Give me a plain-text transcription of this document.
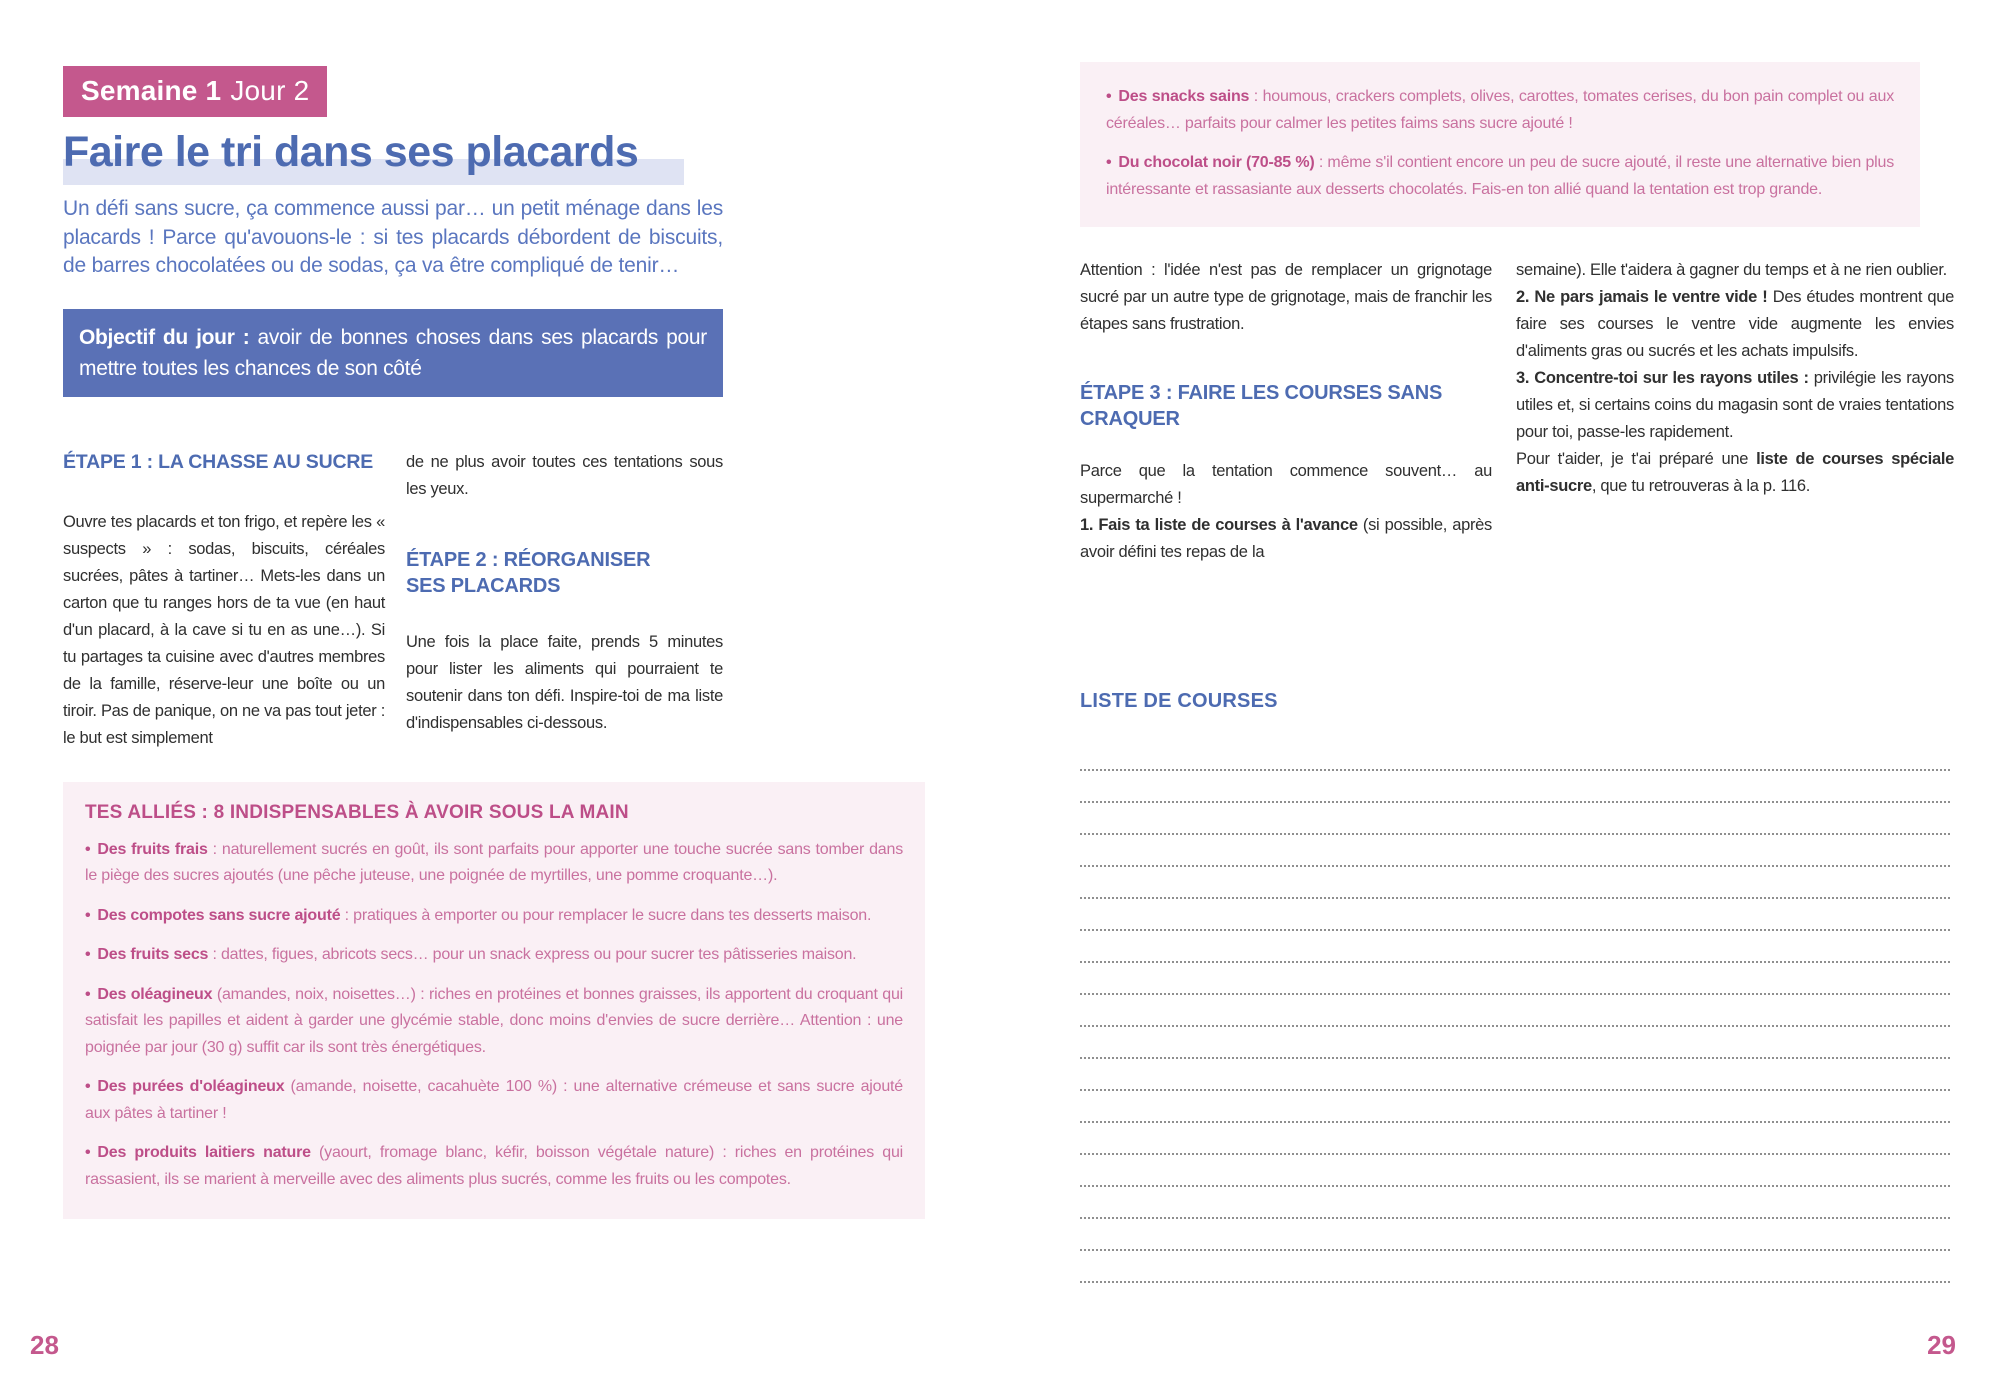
Semaine 1 Jour 2
Faire le tri dans ses placards

Un défi sans sucre, ça commence aussi par… un petit ménage dans les placards ! Parce qu'avouons-le : si tes placards débordent de biscuits, de barres chocolatées ou de sodas, ça va être compliqué de tenir…

Objectif du jour : avoir de bonnes choses dans ses placards pour mettre toutes les chances de son côté
ÉTAPE 1 : LA CHASSE AU SUCRE

Ouvre tes placards et ton frigo, et repère les « suspects » : sodas, biscuits, céréales sucrées, pâtes à tartiner… Mets-les dans un carton que tu ranges hors de ta vue (en haut d'un placard, à la cave si tu en as une…). Si tu partages ta cuisine avec d'autres membres de la famille, réserve-leur une boîte ou un tiroir. Pas de panique, on ne va pas tout jeter : le but est simplement

de ne plus avoir toutes ces tentations sous les yeux.

ÉTAPE 2 : RÉORGANISER SES PLACARDS

Une fois la place faite, prends 5 minutes pour lister les aliments qui pourraient te soutenir dans ton défi. Inspire-toi de ma liste d'indispensables ci-dessous.

TES ALLIÉS : 8 INDISPENSABLES À AVOIR SOUS LA MAIN

• Des fruits frais : naturellement sucrés en goût, ils sont parfaits pour apporter une touche sucrée sans tomber dans le piège des sucres ajoutés (une pêche juteuse, une poignée de myrtilles, une pomme croquante…).

• Des compotes sans sucre ajouté : pratiques à emporter ou pour remplacer le sucre dans tes desserts maison.

• Des fruits secs : dattes, figues, abricots secs… pour un snack express ou pour sucrer tes pâtisseries maison.

• Des oléagineux (amandes, noix, noisettes…) : riches en protéines et bonnes graisses, ils apportent du croquant qui satisfait les papilles et aident à garder une glycémie stable, donc moins d'envies de sucre derrière… Attention : une poignée par jour (30 g) suffit car ils sont très énergétiques.

• Des purées d'oléagineux (amande, noisette, cacahuète 100 %) : une alternative crémeuse et sans sucre ajouté aux pâtes à tartiner !

• Des produits laitiers nature (yaourt, fromage blanc, kéfir, boisson végétale nature) : riches en protéines qui rassasient, ils se marient à merveille avec des aliments plus sucrés, comme les fruits ou les compotes.

• Des snacks sains : houmous, crackers complets, olives, carottes, tomates cerises, du bon pain complet ou aux céréales… parfaits pour calmer les petites faims sans sucre ajouté !

• Du chocolat noir (70-85 %) : même s'il contient encore un peu de sucre ajouté, il reste une alternative bien plus intéressante et rassasiante aux desserts chocolatés. Fais-en ton allié quand la tentation est trop grande.

Attention : l'idée n'est pas de remplacer un grignotage sucré par un autre type de grignotage, mais de franchir les étapes sans frustration.

ÉTAPE 3 : FAIRE LES COURSES SANS CRAQUER

Parce que la tentation commence souvent… au supermarché !

1. Fais ta liste de courses à l'avance (si possible, après avoir défini tes repas de la

semaine). Elle t'aidera à gagner du temps et à ne rien oublier.

2. Ne pars jamais le ventre vide ! Des études montrent que faire ses courses le ventre vide augmente les envies d'aliments gras ou sucrés et les achats impulsifs.

3. Concentre-toi sur les rayons utiles : privilégie les rayons utiles et, si certains coins du magasin sont de vraies tentations pour toi, passe-les rapidement.

Pour t'aider, je t'ai préparé une liste de courses spéciale anti-sucre, que tu retrouveras à la p. 116.

LISTE DE COURSES
28	29
